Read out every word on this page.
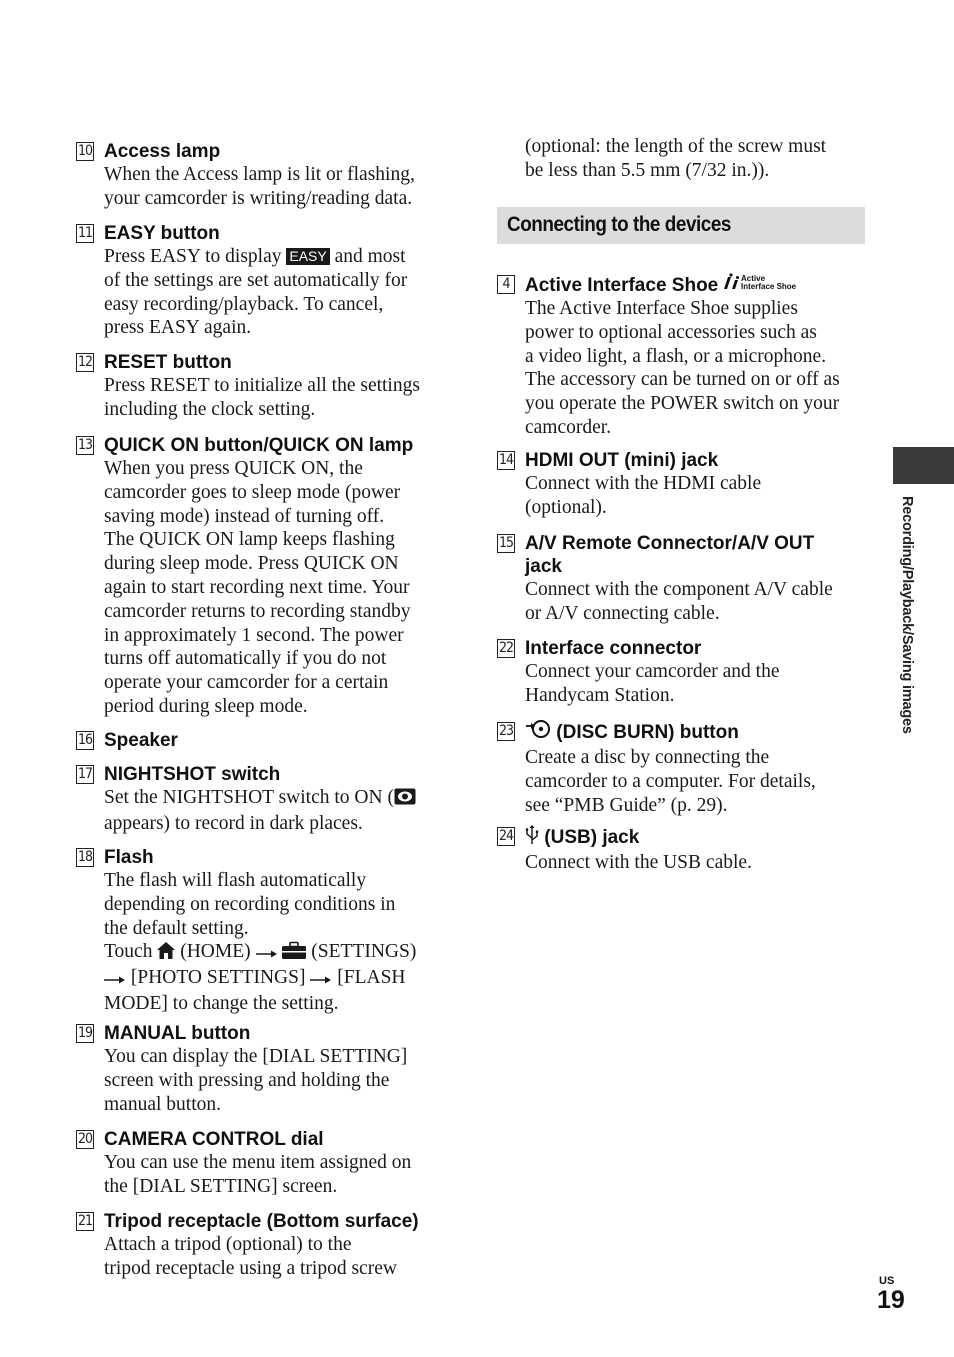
10 Access lamp

When the Access lamp is lit or flashing,

your camcorder is writing/reading data.

11 EASY button

Press EASY to display EASY and most

of the settings are set automatically for

easy recording/playback. To cancel,

press EASY again.

12 RESET button

Press RESET to initialize all the settings

including the clock setting.

13 QUICK ON button/QUICK ON lamp

When you press QUICK ON, the

camcorder goes to sleep mode (power

saving mode) instead of turning off.

The QUICK ON lamp keeps flashing

during sleep mode. Press QUICK ON

again to start recording next time. Your

camcorder returns to recording standby

in approximately 1 second. The power

turns off automatically if you do not

operate your camcorder for a certain

period during sleep mode.

16 Speaker
17 NIGHTSHOT switch

Set the NIGHTSHOT switch to ON (

appears) to record in dark places.

18 Flash

The flash will flash automatically

depending on recording conditions in

the default setting.

Touch (HOME)	(SETTINGS)

[PHOTO SETTINGS] [FLASH

MODE] to change the setting.

19 MANUAL button

You can display the [DIAL SETTING]

screen with pressing and holding the

manual button.

20 CAMERA CONTROL dial

You can use the menu item assigned on

the [DIAL SETTING] screen.

21 Tripod receptacle (Bottom surface)

Attach a tripod (optional) to the

tripod receptacle using a tripod screw

(optional: the length of the screw must

be less than 5.5 mm (7/32 in.)).

Connecting to the devices
4 Active Interface Shoe	Active
Interface Shoe

The Active Interface Shoe supplies

power to optional accessories such as

a video light, a flash, or a microphone.

The accessory can be turned on or off as

you operate the POWER switch on your

camcorder.

14 HDMI OUT (mini) jack

Connect with the HDMI cable

(optional).

15 A/V Remote Connector/A/V OUT
jack

Connect with the component A/V cable

or A/V connecting cable.

22 Interface connector

Connect your camcorder and the

Handycam Station.

23	(DISC BURN) button

Create a disc by connecting the

camcorder to a computer. For details,

see “PMB Guide” (p. 29).

24	(USB) jack

Connect with the USB cable.

Recording/Playback/Saving images
US
19
